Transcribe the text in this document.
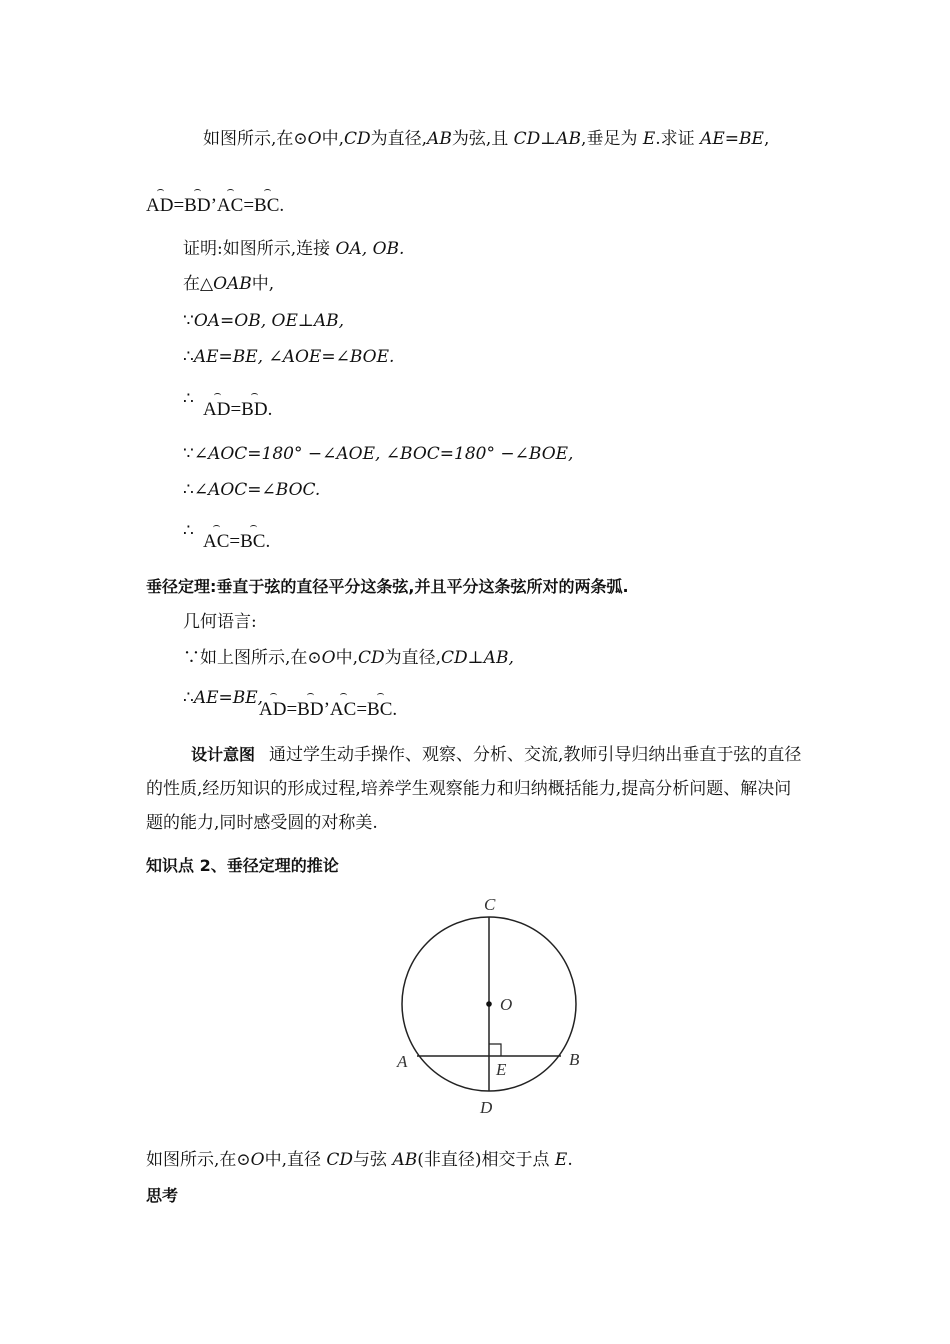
如图所示,在⊙O中,CD为直径,AB为弦,且 CD⊥AB,垂足为 E.求证 AE=BE,
AD=BD’AC=BC.
证明:如图所示,连接 OA, OB.
在△OAB中,
∵OA=OB, OE⊥AB,
∴AE=BE, ∠AOE=∠BOE.
∴ AD=BD.
∵∠AOC=180° −∠AOE, ∠BOC=180° −∠BOE,
∴∠AOC=∠BOC.
∴ AC=BC.
垂径定理:垂直于弦的直径平分这条弦,并且平分这条弦所对的两条弧.
几何语言:
∵如上图所示,在⊙O中,CD为直径,CD⊥AB,
∴AE=BE,
AD=BD’AC=BC.
设计意图 通过学生动手操作、观察、分析、交流,教师引导归纳出垂直于弦的直径的性质,经历知识的形成过程,培养学生观察能力和归纳概括能力,提高分析问题、解决问题的能力,同时感受圆的对称美.
知识点 2、垂径定理的推论
C
O
A	B
E
D
如图所示,在⊙O中,直径 CD与弦 AB(非直径)相交于点 E.
思考
